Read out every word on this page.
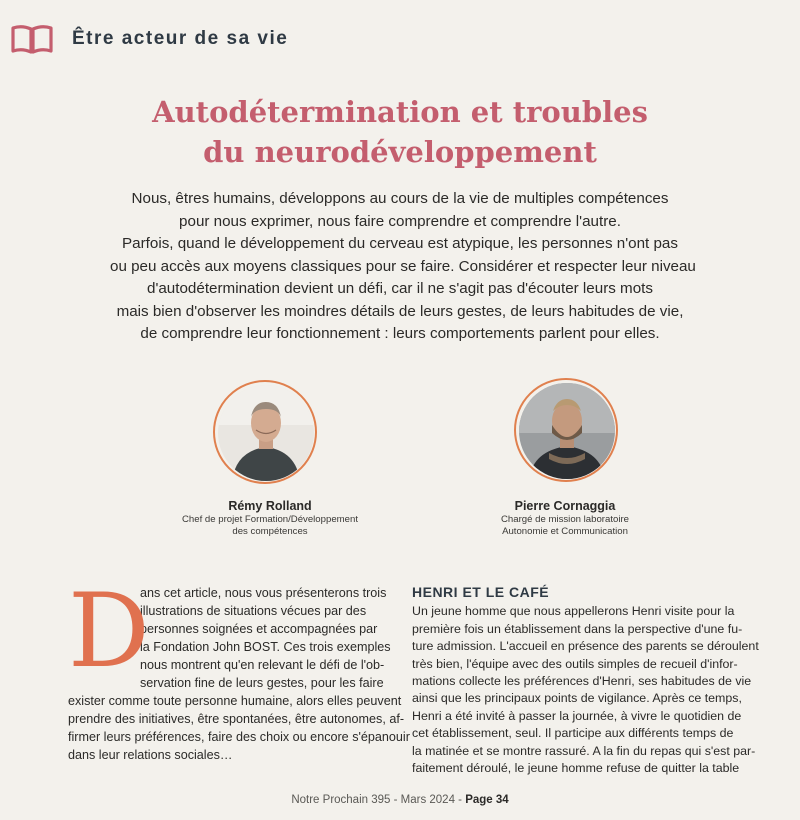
Être acteur de sa vie
Autodétermination et troubles
du neurodéveloppement
Nous, êtres humains, développons au cours de la vie de multiples compétences
pour nous exprimer, nous faire comprendre et comprendre l'autre.
Parfois, quand le développement du cerveau est atypique, les personnes n'ont pas
ou peu accès aux moyens classiques pour se faire. Considérer et respecter leur niveau
d'autodétermination devient un défi, car il ne s'agit pas d'écouter leurs mots
mais bien d'observer les moindres détails de leurs gestes, de leurs habitudes de vie,
de comprendre leur fonctionnement : leurs comportements parlent pour elles.
Rémy Rolland
Chef de projet Formation/Développement
des compétences
Pierre Cornaggia
Chargé de mission laboratoire
Autonomie et Communication
D
ans cet article, nous vous présenterons trois
illustrations de situations vécues par des
personnes soignées et accompagnées par
la Fondation John BOST. Ces trois exemples
nous montrent qu'en relevant le défi de l'ob-
servation fine de leurs gestes, pour les faire
exister comme toute personne humaine, alors elles peuvent
prendre des initiatives, être spontanées, être autonomes, af-
firmer leurs préférences, faire des choix ou encore s'épanouir
dans leur relations sociales…
HENRI ET LE CAFÉ
Un jeune homme que nous appellerons Henri visite pour la
première fois un établissement dans la perspective d'une fu-
ture admission. L'accueil en présence des parents se déroulent
très bien, l'équipe avec des outils simples de recueil d'infor-
mations collecte les préférences d'Henri, ses habitudes de vie
ainsi que les principaux points de vigilance. Après ce temps,
Henri a été invité à passer la journée, à vivre le quotidien de
cet établissement, seul. Il participe aux différents temps de
la matinée et se montre rassuré. A la fin du repas qui s'est par-
faitement déroulé, le jeune homme refuse de quitter la table
Notre Prochain 395 - Mars 2024 - Page 34
